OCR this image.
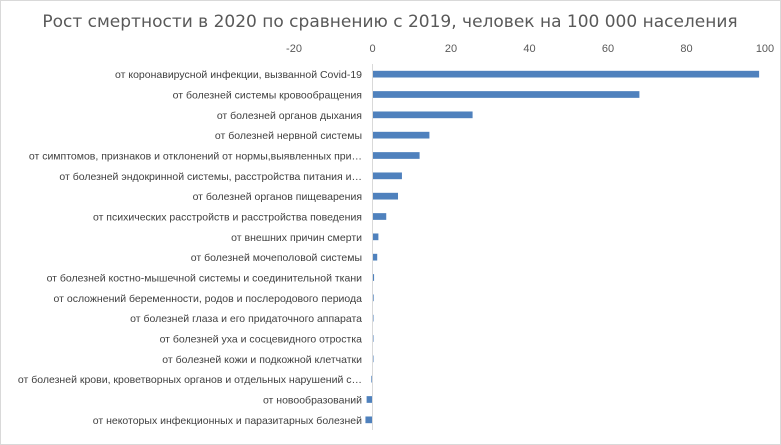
Рост смертности в 2020 по сравнению с 2019, человек на 100 000 населения
-20	0	20	40	60	80	100
от коронавирусной инфекции, вызванной Covid-19
от болезней системы кровообращения
от болезней органов дыхания
от болезней нервной системы
от симптомов, признаков и отклонений от нормы,выявленных при…
от болезней эндокринной системы, расстройства питания и…
от болезней органов пищеварения
от психических расстройств и расстройства поведения
от внешних причин смерти
от болезней мочеполовой системы
от болезней костно-мышечной системы и соединительной ткани
от осложнений беременности, родов и послеродового периода
от болезней глаза и его придаточного аппарата
от болезней уха и сосцевидного отростка
от болезней кожи и подкожной клетчатки
от болезней крови, кроветворных органов и отдельных нарушений с…
от новообразований
от некоторых инфекционных и паразитарных болезней
